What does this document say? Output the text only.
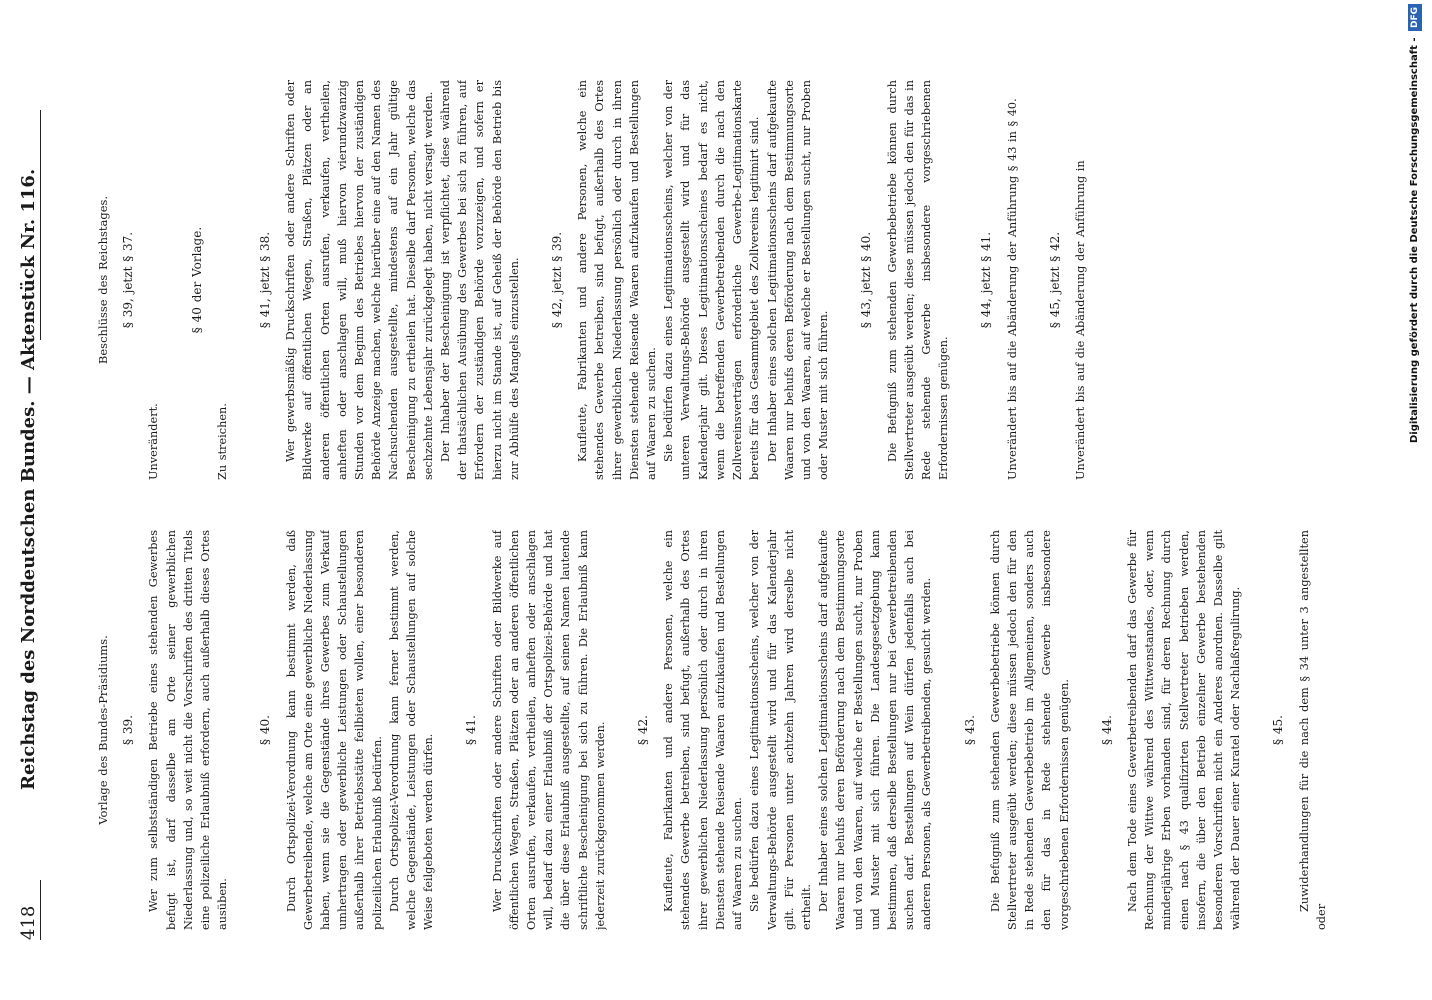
418
Reichstag des Norddeutschen Bundes. — Aktenstück Nr. 116.
Vorlage des Bundes-Präsidiums. § 39. Wer zum selbstständigen Betriebe eines stehenden Gewerbes befugt ist, darf dasselbe am Orte seiner gewerblichen Niederlassung und, so weit nicht die Vorschriften des dritten Titels eine polizeiliche Erlaubniß erfordern, auch außerhalb dieses Ortes ausüben.

§ 40. Durch Ortspolizei-Verordnung kann bestimmt werden, daß Gewerbetreibende, welche am Orte eine gewerbliche Niederlassung haben, wenn sie die Gegenstände ihres Gewerbes zum Verkauf umhertragen oder gewerbliche Leistungen oder Schaustellungen außerhalb ihrer Betriebsstätte feilbieten wollen, einer besonderen polizeilichen Erlaubniß bedürfen. Durch Ortspolizei-Verordnung kann ferner bestimmt werden, welche Gegenstände, Leistungen oder Schaustellungen auf solche Weise feilgeboten werden dürfen.

§ 41. Wer Druckschriften oder andere Schriften oder Bildwerke auf öffentlichen Wegen, Straßen, Plätzen oder an anderen öffentlichen Orten ausrufen, verkaufen, vertheilen, anheften oder anschlagen will, bedarf dazu einer Erlaubniß der Ortspolizei-Behörde und hat die über diese Erlaubniß ausgestellte, auf seinen Namen lautende schriftliche Bescheinigung bei sich zu führen. Die Erlaubniß kann jederzeit zurückgenommen werden. § 42. Kaufleute, Fabrikanten und andere Personen, welche ein stehendes Gewerbe betreiben, sind befugt, außerhalb des Ortes ihrer gewerblichen Niederlassung persönlich oder durch in ihren Diensten stehende Reisende Waaren aufzukaufen und Bestellungen auf Waaren zu suchen. Sie bedürfen dazu eines Legitimationsscheins, welcher von der Verwaltungs-Behörde ausgestellt wird und für das Kalenderjahr gilt. Für Personen unter achtzehn Jahren wird derselbe nicht ertheilt. Der Inhaber eines solchen Legitimationsscheins darf aufgekaufte Waaren nur behufs deren Beförderung nach dem Bestimmungsorte und von den Waaren, auf welche er Bestellungen sucht, nur Proben und Muster mit sich führen. Die Landesgesetzgebung kann bestimmen, daß derselbe Bestellungen nur bei Gewerbetreibenden suchen darf. Bestellungen auf Wein dürfen jedenfalls auch bei anderen Personen, als Gewerbetreibenden, gesucht werden. § 43. Die Befugniß zum stehenden Gewerbebetriebe können durch Stellvertreter ausgeübt werden; diese müssen jedoch den für den in Rede stehenden Gewerbebetrieb im Allgemeinen, sonders auch den für das in Rede stehende Gewerbe insbesondere vorgeschriebenen Erfordernissen genügen. § 44. Nach dem Tode eines Gewerbetreibenden darf das Gewerbe für Rechnung der Wittwe während des Wittwenstandes, oder, wenn minderjährige Erben vorhanden sind, für deren Rechnung durch einen nach § 43 qualifizirten Stellvertreter betrieben werden, insofern, die über den Betrieb einzelner Gewerbe bestehenden besonderen Vorschriften nicht ein Anderes anordnen. Dasselbe gilt während der Dauer einer Kuratel oder Nachlaßregulirung. § 45. Zuwiderhandlungen für die nach dem § 34 unter 3 angestellten oder

Beschlüsse des Reichstages. § 39, jetzt § 37.

Unverändert.

§ 40 der Vorlage.

Zu streichen.

§ 41, jetzt § 38. Wer gewerbsmäßig Druckschriften oder andere Schriften oder Bildwerke auf öffentlichen Wegen, Straßen, Plätzen oder an anderen öffentlichen Orten ausrufen, verkaufen, vertheilen, anheften oder anschlagen will, muß hiervon vierundzwanzig Stunden vor dem Beginn des Betriebes hiervon der zuständigen Behörde Anzeige machen, welche hierüber eine auf den Namen des Nachsuchenden ausgestellte, mindestens auf ein Jahr gültige Bescheinigung zu ertheilen hat. Dieselbe darf Personen, welche das sechzehnte Lebensjahr zurückgelegt haben, nicht versagt werden. Der Inhaber der Bescheinigung ist verpflichtet, diese während der thatsächlichen Ausübung des Gewerbes bei sich zu führen, auf Erfordern der zuständigen Behörde vorzuzeigen, und sofern er hierzu nicht im Stande ist, auf Geheiß der Behörde den Betrieb bis zur Abhülfe des Mangels einzustellen. § 42, jetzt § 39. Kaufleute, Fabrikanten und andere Personen, welche ein stehendes Gewerbe betreiben, sind befugt, außerhalb des Ortes ihrer gewerblichen Niederlassung persönlich oder durch in ihren Diensten stehende Reisende Waaren aufzukaufen und Bestellungen auf Waaren zu suchen. Sie bedürfen dazu eines Legitimationsscheins, welcher von der unteren Verwaltungs-Behörde ausgestellt wird und für das Kalenderjahr gilt. Dieses Legitimationsscheines bedarf es nicht, wenn die betreffenden Gewerbetreibenden durch die nach den Zollvereinsverträgen erforderliche Gewerbe-Legitimationskarte bereits für das Gesammtgebiet des Zollvereins legitimirt sind. Der Inhaber eines solchen Legitimationsscheins darf aufgekaufte Waaren nur behufs deren Beförderung nach dem Bestimmungsorte und von den Waaren, auf welche er Bestellungen sucht, nur Proben oder Muster mit sich führen.

§ 43, jetzt § 40. Die Befugniß zum stehenden Gewerbebetriebe können durch Stellvertreter ausgeübt werden; diese müssen jedoch den für das in Rede stehende Gewerbe insbesondere vorgeschriebenen Erfordernissen genügen.

§ 44, jetzt § 41. Unverändert bis auf die Abänderung der Anführung § 43 in § 40. § 45, jetzt § 42. Unverändert bis auf die Abänderung der Anführung in	Digitalisierung gefördert durch die Deutsche Forschungsgemeinschaft - DFG
